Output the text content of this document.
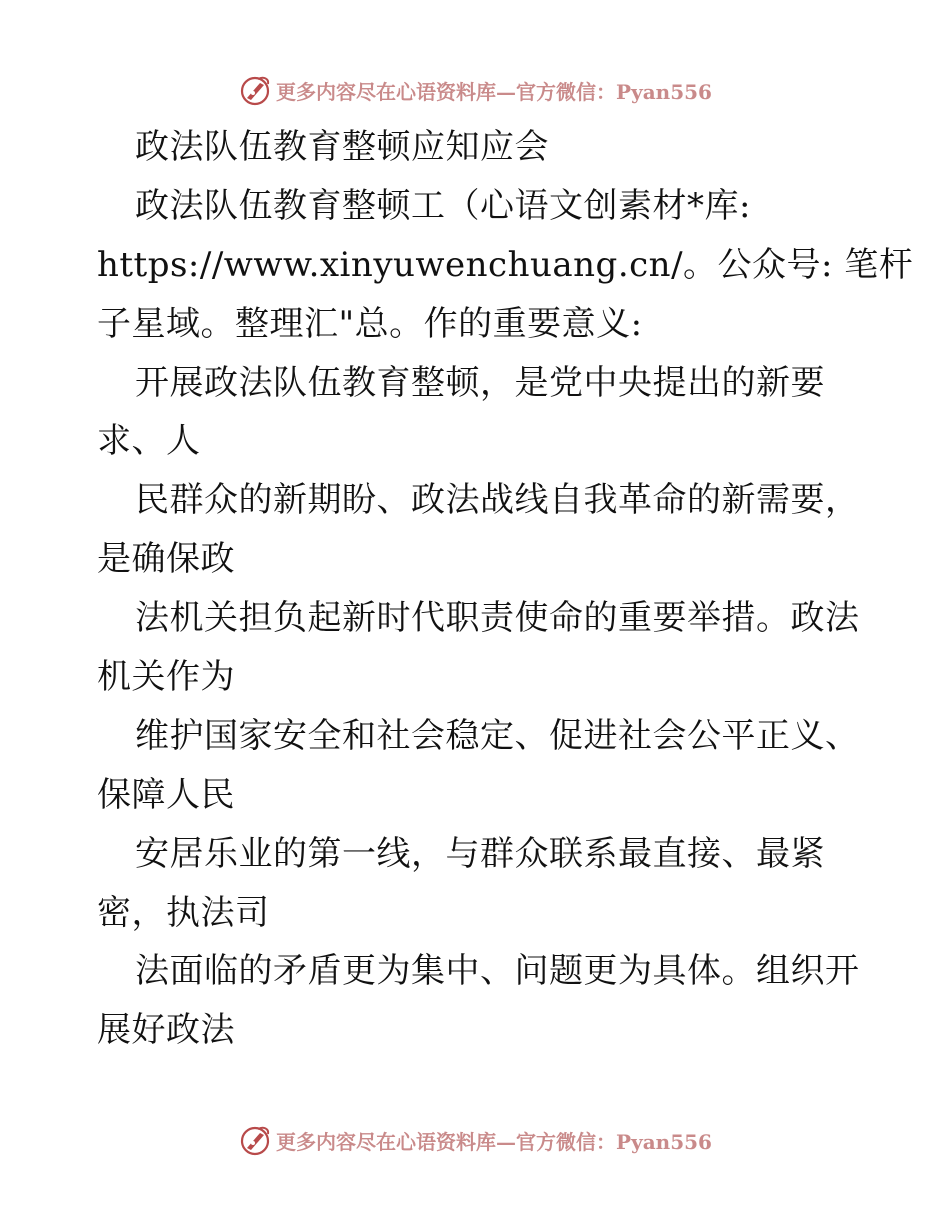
更多内容尽在心语资料库—官方微信：Pyan556
政法队伍教育整顿应知应会
政法队伍教育整顿工（心语文创素材*库:
https://www.xinyuwenchuang.cn/。公众号: 笔杆
子星域。整理汇"总。作的重要意义:
开展政法队伍教育整顿，是党中央提出的新要
求、人
民群众的新期盼、政法战线自我革命的新需要，
是确保政
法机关担负起新时代职责使命的重要举措。政法
机关作为
维护国家安全和社会稳定、促进社会公平正义、
保障人民
安居乐业的第一线，与群众联系最直接、最紧
密，执法司
法面临的矛盾更为集中、问题更为具体。组织开
展好政法
更多内容尽在心语资料库—官方微信：Pyan556
